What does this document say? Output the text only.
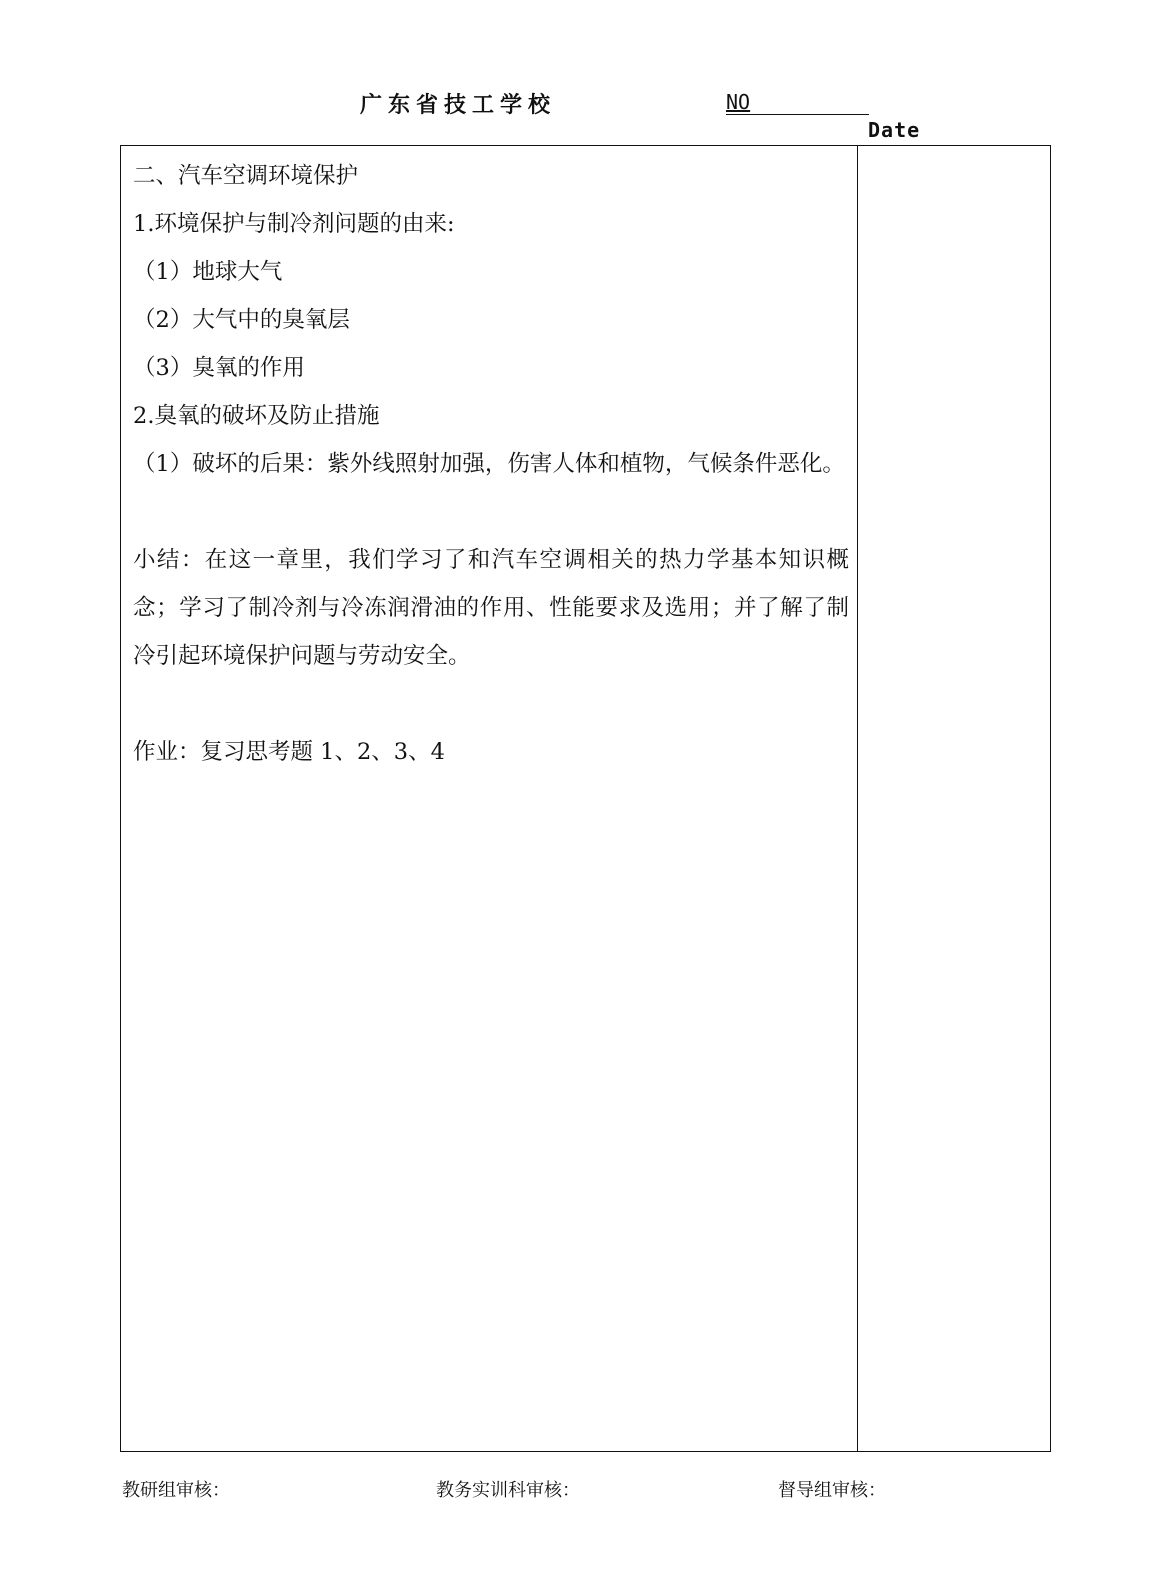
广东省技工学校	NO
Date

二、汽车空调环境保护

1.环境保护与制冷剂问题的由来:

（1）地球大气

（2）大气中的臭氧层

（3）臭氧的作用

2.臭氧的破坏及防止措施

（1）破坏的后果：紫外线照射加强，伤害人体和植物，气候条件恶化。

小结：在这一章里，我们学习了和汽车空调相关的热力学基本知识概念；学习了制冷剂与冷冻润滑油的作用、性能要求及选用；并了解了制冷引起环境保护问题与劳动安全。

作业：复习思考题 1、2、3、4

教研组审核：	教务实训科审核：	督导组审核：
